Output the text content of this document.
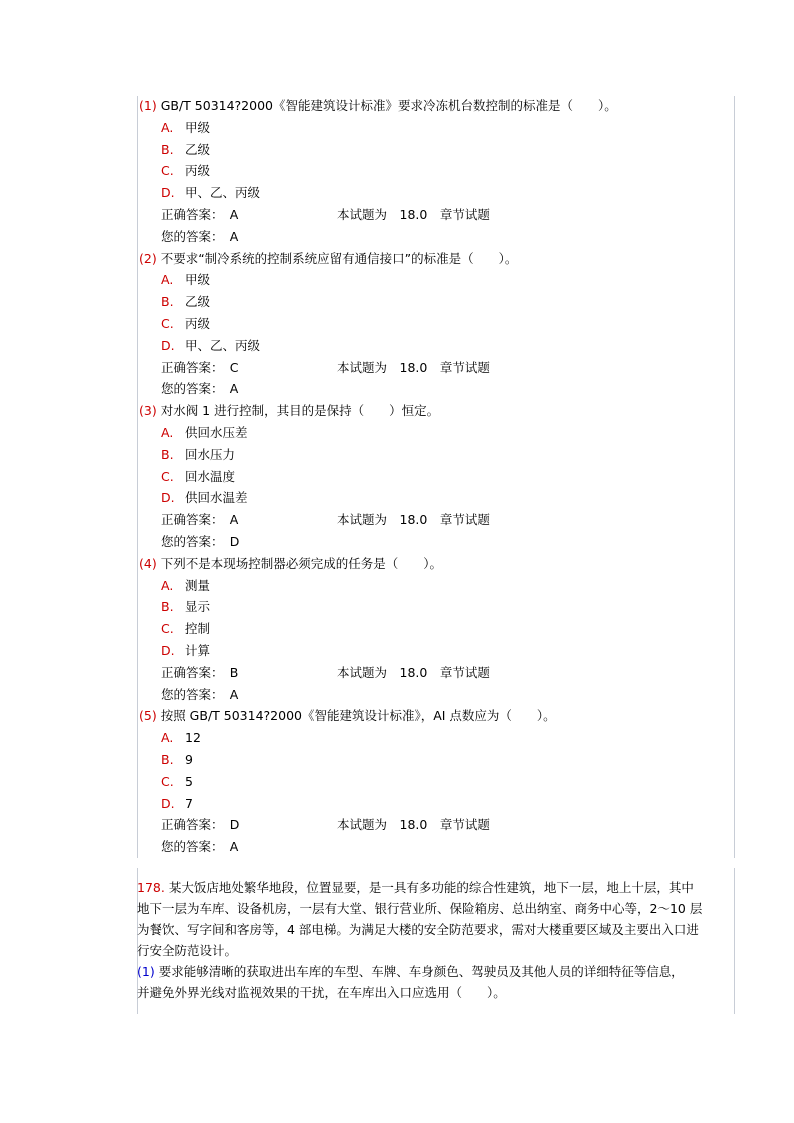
(1) GB/T 50314?2000《智能建筑设计标准》要求冷冻机台数控制的标准是（　　）。
A. 甲级
B. 乙级
C. 丙级
D. 甲、乙、丙级
正确答案：　A	本试题为　18.0　章节试题
您的答案：　A
(2) 不要求“制冷系统的控制系统应留有通信接口”的标准是（　　）。
A. 甲级
B. 乙级
C. 丙级
D. 甲、乙、丙级
正确答案：　C	本试题为　18.0　章节试题
您的答案：　A
(3) 对水阀 1 进行控制，其目的是保持（　　）恒定。
A. 供回水压差
B. 回水压力
C. 回水温度
D. 供回水温差
正确答案：　A	本试题为　18.0　章节试题
您的答案：　D
(4) 下列不是本现场控制器必须完成的任务是（　　）。
A. 测量
B. 显示
C. 控制
D. 计算
正确答案：　B	本试题为　18.0　章节试题
您的答案：　A
(5) 按照 GB/T 50314?2000《智能建筑设计标准》，AI 点数应为（　　）。
A. 12
B. 9
C. 5
D. 7
正确答案：　D	本试题为　18.0　章节试题
您的答案：　A
178. 某大饭店地处繁华地段，位置显要，是一具有多功能的综合性建筑，地下一层，地上十层，其中
地下一层为车库、设备机房，一层有大堂、银行营业所、保险箱房、总出纳室、商务中心等，2～10 层
为餐饮、写字间和客房等，4 部电梯。为满足大楼的安全防范要求，需对大楼重要区域及主要出入口进
行安全防范设计。
(1) 要求能够清晰的获取进出车库的车型、车牌、车身颜色、驾驶员及其他人员的详细特征等信息，
并避免外界光线对监视效果的干扰，在车库出入口应选用（　　）。
